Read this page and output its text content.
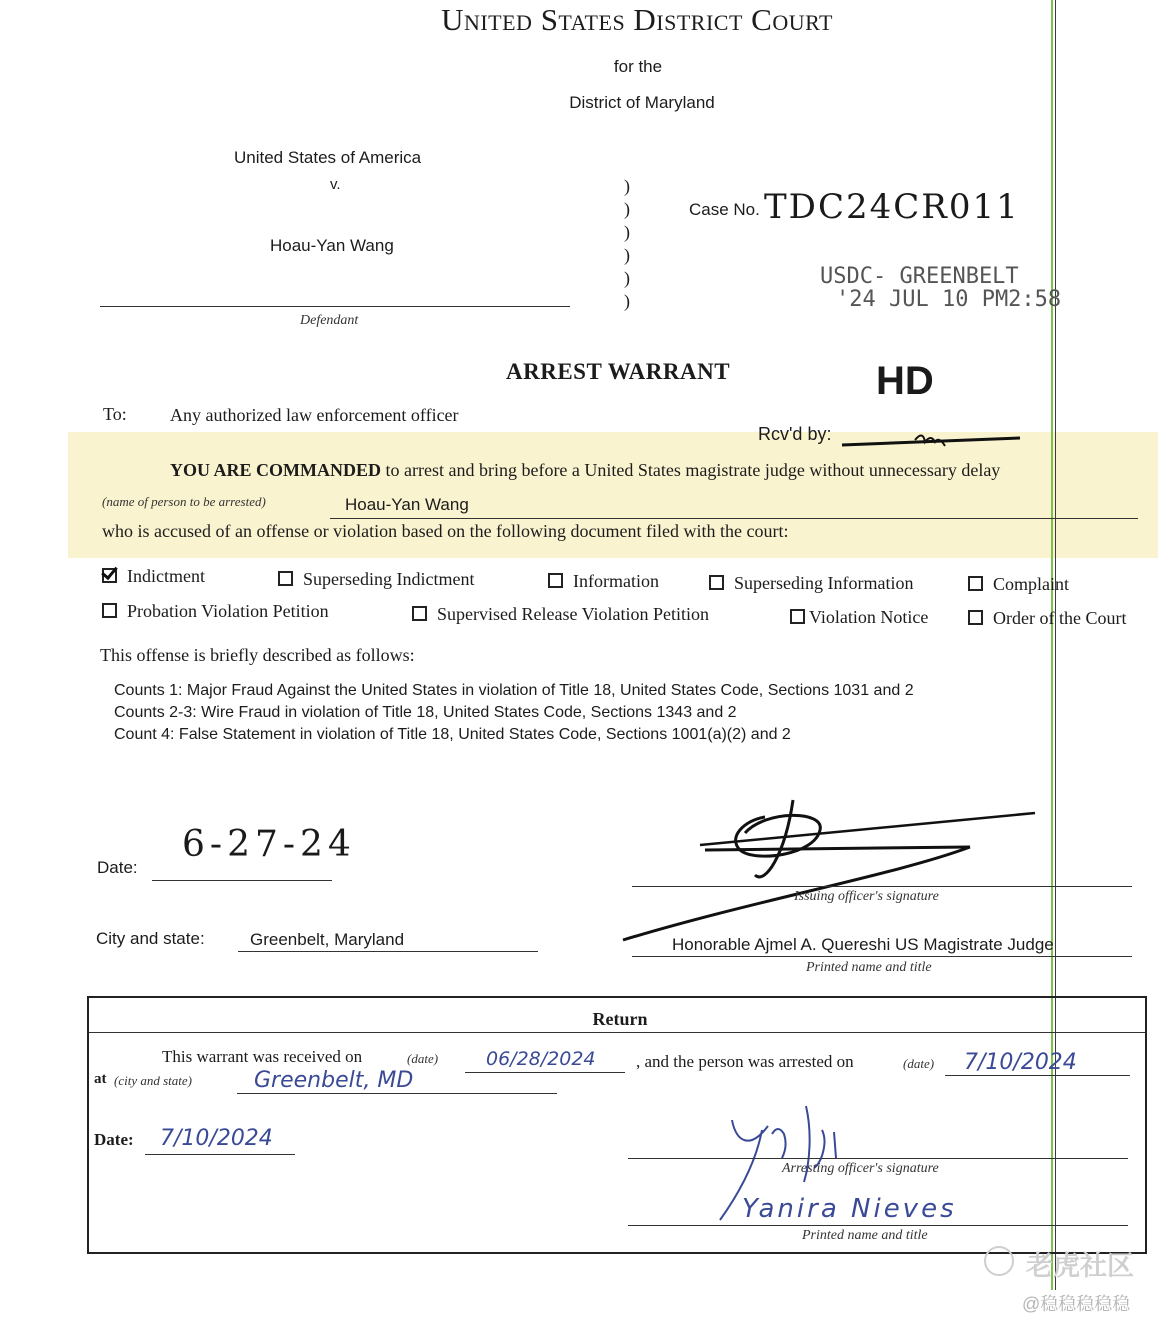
United States District Court
for the
District of Maryland
United States of America
v.
Hoau-Yan Wang
Defendant
)
)
)
)
)
)
Case No. TDC24CR011
USDC- GREENBELT
'24 JUL 10 PM2:58
ARREST WARRANT	HD
To: Any authorized law enforcement officer
Rcv'd by:
YOU ARE COMMANDED to arrest and bring before a United States magistrate judge without unnecessary delay
(name of person to be arrested)	Hoau-Yan Wang
who is accused of an offense or violation based on the following document filed with the court:
Indictment	Superseding Indictment	Information	Superseding Information	Complaint
Probation Violation Petition	Supervised Release Violation Petition	Violation Notice	Order of the Court
This offense is briefly described as follows:
Counts 1: Major Fraud Against the United States in violation of Title 18, United States Code, Sections 1031 and 2
Counts 2-3: Wire Fraud in violation of Title 18, United States Code, Sections 1343 and 2
Count 4: False Statement in violation of Title 18, United States Code, Sections 1001(a)(2) and 2
Date:
6-27-24
Issuing officer's signature
City and state:	Greenbelt, Maryland	Honorable Ajmel A. Quereshi US Magistrate Judge
Printed name and title
Return
This warrant was received on	(date)	06/28/2024 , and the person was arrested on	(date) 7/10/2024
at (city and state)	Greenbelt, MD
Date: 7/10/2024
Arresting officer's signature
Yanira Nieves
Printed name and title
老虎社区
@稳稳稳稳稳
